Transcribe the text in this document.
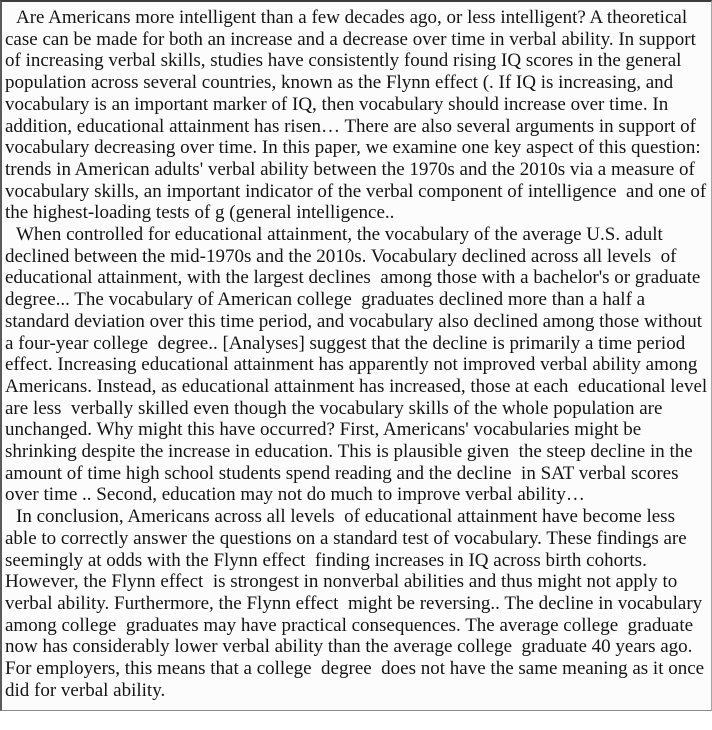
Are Americans more intelligent than a few decades ago, or less intelligent? A theoretical
case can be made for both an increase and a decrease over time in verbal ability. In support
of increasing verbal skills, studies have consistently found rising IQ scores in the general
population across several countries, known as the Flynn effect (. If IQ is increasing, and
vocabulary is an important marker of IQ, then vocabulary should increase over time. In
addition, educational attainment has risen… There are also several arguments in support of
vocabulary decreasing over time. In this paper, we examine one key aspect of this question:
trends in American adults' verbal ability between the 1970s and the 2010s via a measure of
vocabulary skills, an important indicator of the verbal component of intelligence  and one of
the highest-loading tests of g (general intelligence..
When controlled for educational attainment, the vocabulary of the average U.S. adult
declined between the mid-1970s and the 2010s. Vocabulary declined across all levels  of
educational attainment, with the largest declines  among those with a bachelor's or graduate
degree... The vocabulary of American college  graduates declined more than a half a
standard deviation over this time period, and vocabulary also declined among those without
a four-year college  degree.. [Analyses] suggest that the decline is primarily a time period
effect. Increasing educational attainment has apparently not improved verbal ability among
Americans. Instead, as educational attainment has increased, those at each  educational level
are less  verbally skilled even though the vocabulary skills of the whole population are
unchanged. Why might this have occurred? First, Americans' vocabularies might be
shrinking despite the increase in education. This is plausible given  the steep decline in the
amount of time high school students spend reading and the decline  in SAT verbal scores
over time .. Second, education may not do much to improve verbal ability…
In conclusion, Americans across all levels  of educational attainment have become less
able to correctly answer the questions on a standard test of vocabulary. These findings are
seemingly at odds with the Flynn effect  finding increases in IQ across birth cohorts.
However, the Flynn effect  is strongest in nonverbal abilities and thus might not apply to
verbal ability. Furthermore, the Flynn effect  might be reversing.. The decline in vocabulary
among college  graduates may have practical consequences. The average college  graduate
now has considerably lower verbal ability than the average college  graduate 40 years ago.
For employers, this means that a college  degree  does not have the same meaning as it once
did for verbal ability.
